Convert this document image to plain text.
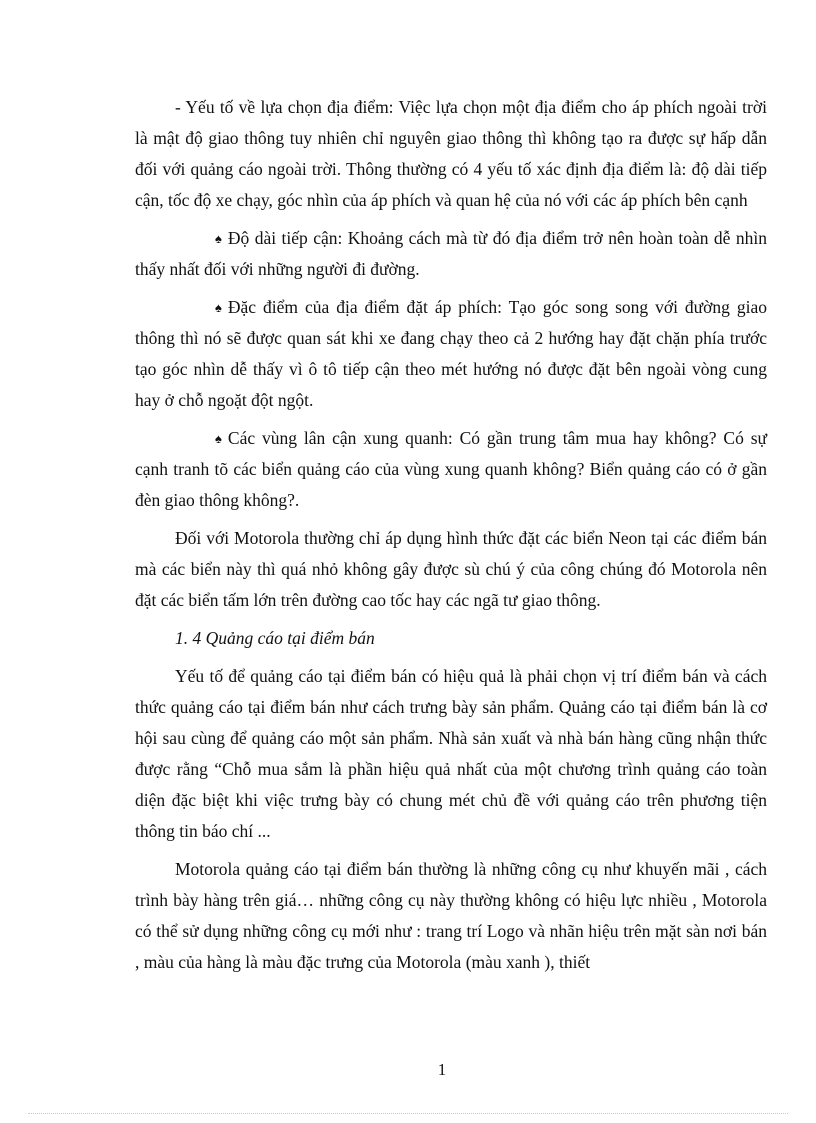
- Yếu tố về lựa chọn địa điểm: Việc lựa chọn một địa điểm cho áp phích ngoài trời là mật độ giao thông tuy nhiên chỉ nguyên giao thông thì không tạo ra được sự hấp dẫn đối với quảng cáo ngoài trời. Thông thường có 4 yếu tố xác định địa điểm là: độ dài tiếp cận, tốc độ xe chạy, góc nhìn của áp phích và quan hệ của nó với các áp phích bên cạnh

♠ Độ dài tiếp cận: Khoảng cách mà từ đó địa điểm trở nên hoàn toàn dễ nhìn thấy nhất đối với những người đi đường.

♠ Đặc điểm của địa điểm đặt áp phích: Tạo góc song song với đường giao thông thì nó sẽ được quan sát khi xe đang chạy theo cả 2 hướng hay đặt chặn phía trước tạo góc nhìn dễ thấy vì ô tô tiếp cận theo mét hướng nó được đặt bên ngoài vòng cung hay ở chỗ ngoặt đột ngột.

♠ Các vùng lân cận xung quanh: Có gần trung tâm mua hay không? Có sự cạnh tranh tõ các biển quảng cáo của vùng xung quanh không? Biển quảng cáo có ở gần đèn giao thông không?.

Đối với Motorola thường chỉ áp dụng hình thức đặt các biển Neon tại các điểm bán mà các biển này thì quá nhỏ không gây được sù chú ý của công chúng đó Motorola nên đặt các biển tấm lớn trên đường cao tốc hay các ngã tư giao thông.

1. 4 Quảng cáo tại điểm bán

Yếu tố để quảng cáo tại điểm bán có hiệu quả là phải chọn vị trí điểm bán và cách thức quảng cáo tại điểm bán như cách trưng bày sản phẩm. Quảng cáo tại điểm bán là cơ hội sau cùng để quảng cáo một sản phẩm. Nhà sản xuất và nhà bán hàng cũng nhận thức được rằng “Chỗ mua sắm là phần hiệu quả nhất của một chương trình quảng cáo toàn diện đặc biệt khi việc trưng bày có chung mét chủ đề với quảng cáo trên phương tiện thông tin báo chí ...

Motorola quảng cáo tại điểm bán thường là những công cụ như khuyến mãi , cách trình bày hàng trên giá… những công cụ này thường không có hiệu lực nhiều , Motorola có thể sử dụng những công cụ mới như : trang trí Logo và nhãn hiệu trên mặt sàn nơi bán , màu của hàng là màu đặc trưng của Motorola (màu xanh ), thiết

1
